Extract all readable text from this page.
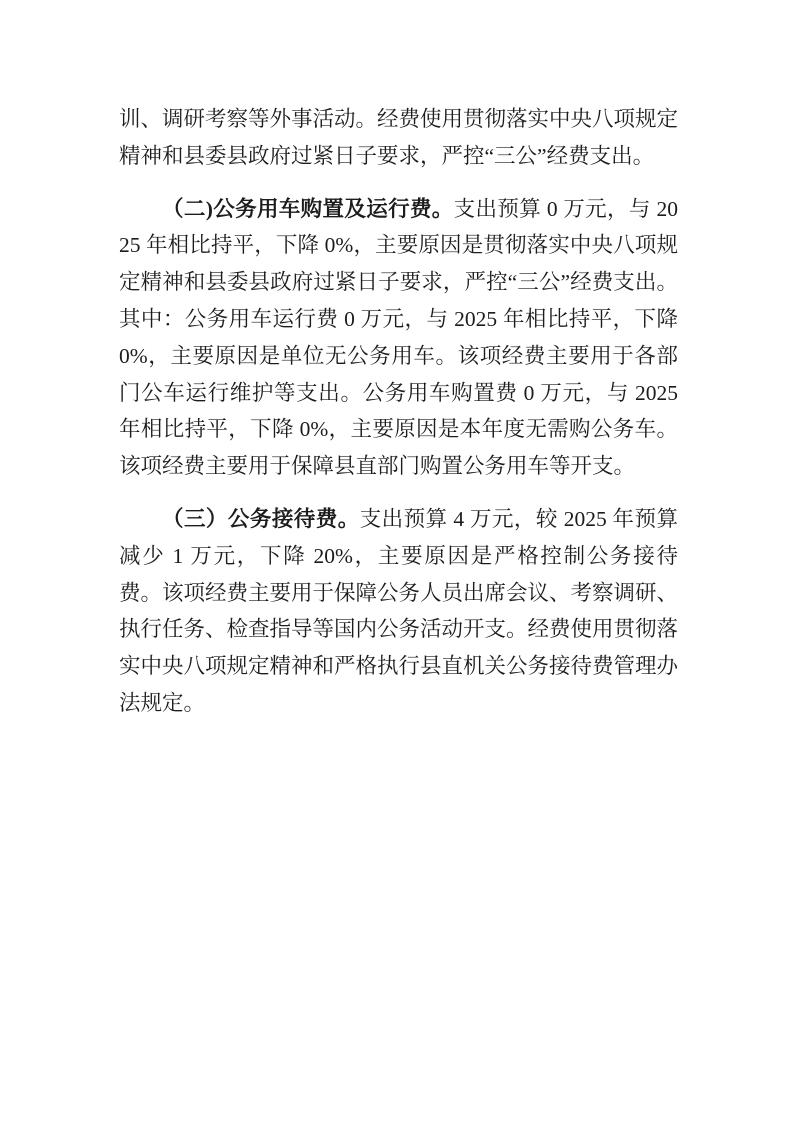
训、调研考察等外事活动。经费使用贯彻落实中央八项规定精神和县委县政府过紧日子要求，严控“三公”经费支出。

（二)公务用车购置及运行费。支出预算 0 万元，与 2025 年相比持平，下降 0%，主要原因是贯彻落实中央八项规定精神和县委县政府过紧日子要求，严控“三公”经费支出。其中：公务用车运行费 0 万元，与 2025 年相比持平，下降 0%，主要原因是单位无公务用车。该项经费主要用于各部门公车运行维护等支出。公务用车购置费 0 万元，与 2025 年相比持平，下降 0%，主要原因是本年度无需购公务车。该项经费主要用于保障县直部门购置公务用车等开支。

（三）公务接待费。支出预算 4 万元，较 2025 年预算减少 1 万元，下降 20%，主要原因是严格控制公务接待费。该项经费主要用于保障公务人员出席会议、考察调研、执行任务、检查指导等国内公务活动开支。经费使用贯彻落实中央八项规定精神和严格执行县直机关公务接待费管理办法规定。
